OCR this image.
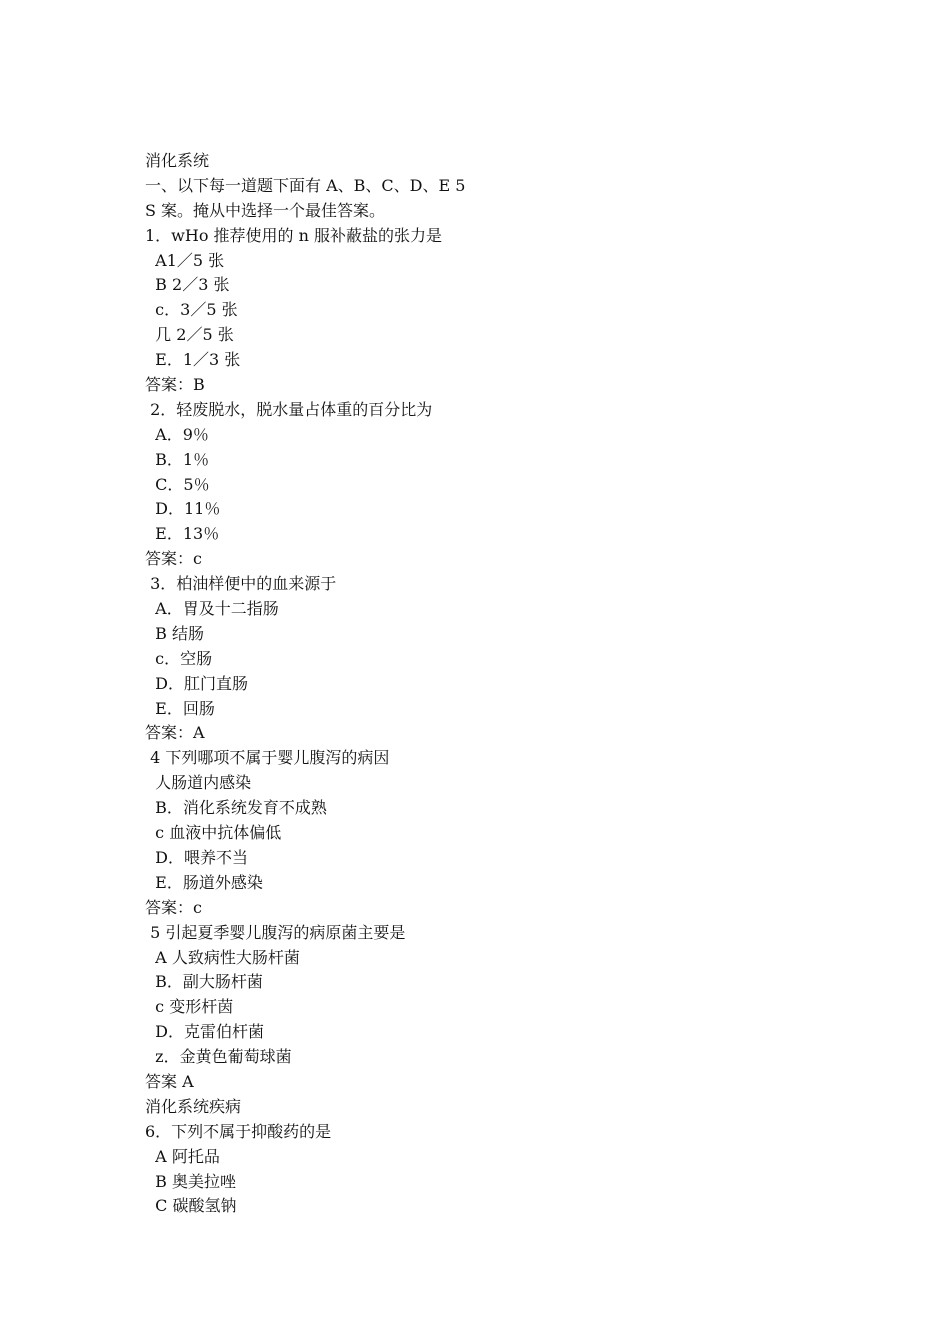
消化系统
一、以下每一道题下面有 A、B、C、D、E 5
S 案。掩从中选择一个最佳答案。
1．wHo 推荐使用的 n 服补蔽盐的张力是
A1／5 张
B 2／3 张
c．3／5 张
几 2／5 张
E．1／3 张
答案：B
2．轻废脱水，脱水量占体重的百分比为
A．9％
B．1％
C．5％
D．11％
E．13％
答案：c
3．柏油样便中的血来源于
A．胃及十二指肠
B 结肠
c．空肠
D．肛门直肠
E．回肠
答案：A
4 下列哪项不属于婴儿腹泻的病因
人肠道内感染
B．消化系统发育不成熟
c 血液中抗体偏低
D．喂养不当
E．肠道外感染
答案：c
5 引起夏季婴儿腹泻的病原菌主要是
A 人致病性大肠杆菌
B．副大肠杆菌
c 变形杆茵
D．克雷伯杆菌
z．金黄色葡萄球菌
答案 A
消化系统疾病
6．下列不属于抑酸药的是
A 阿托品
B 奥美拉唑
C 碳酸氢钠
